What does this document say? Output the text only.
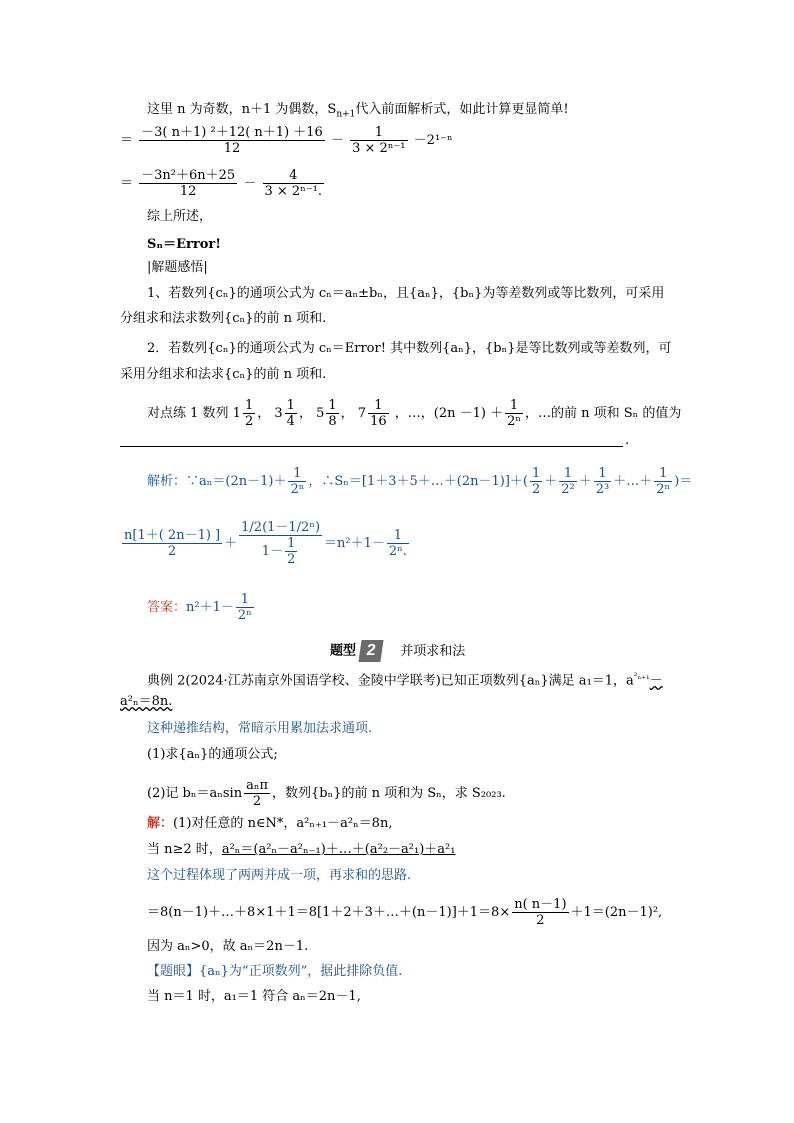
这里 n 为奇数，n＋1 为偶数，$S_{n+1}$代入前面解析式，如此计算更显简单!
＝ $\frac{\text{－3( n＋1) ²＋12( n＋1) ＋16}}{12} - \frac{1}{\text{3 × 2ⁿ⁻¹}} -2^{1-n}$
＝ $\frac{\text{－3n²＋6n＋25}}{12} - \frac{4}{\text{3 × 2ⁿ⁻¹.}}$
综上所述，
Sₙ＝Error!
|解题感悟|
1、若数列{cₙ}的通项公式为 cₙ＝aₙ±bₙ，且{aₙ}，{bₙ}为等差数列或等比数列，可采用
分组求和法求数列{cₙ}的前 n 项和.
2．若数列{cₙ}的通项公式为 cₙ＝Error! 其中数列{aₙ}，{bₙ}是等比数列或等差数列，可
采用分组求和法求{cₙ}的前 n 项和.
对点练 1 数列 $1 \frac{1}{2}$ ， $3 \frac{1}{4}$ ， $5 \frac{1}{8}$ ， $7 \frac{1}{16}$ ，…，$(2n -1) + \frac{1}{\text{2ⁿ}}$ ，…的前 n 项和 Sₙ 的值为
.
解析：∵aₙ＝(2n－1)＋ $\frac{1}{\text{2ⁿ}}$ ，∴Sₙ＝[1＋3＋5＋…＋(2n－1)]＋( $\frac{1}{2} + \frac{1}{\text{2²}} + \frac{1}{\text{2³}}$ ＋…＋ $\frac{1}{\text{2ⁿ}}$ )＝
$\frac{n[1+( 2n-1) ]}{2} + \frac{\text{1/2(1－1/2ⁿ)}}{1- \frac{1}{2}} =n^2+1- \frac{1}{\text{2ⁿ.}}$
答案：$n^2+1- \frac{1}{\text{2ⁿ}}$
题型 2 并项求和法
典例 2(2024·江苏南京外国语学校、金陵中学联考)已知正项数列{aₙ}满足 a₁＝1，$a^{^2_{n+1}}-$
a²ₙ＝8n.
这种递推结构，常暗示用累加法求通项.
(1)求{aₙ}的通项公式;
(2)记 $b_n=a_n\sin \frac{\text{aₙπ}}{2}$ ，数列{bₙ}的前 n 项和为 Sₙ，求 S₂₀₂₃.
解：(1)对任意的 n∈N*，a²ₙ₊₁－a²ₙ＝8n,
当 n≥2 时，a²ₙ＝(a²ₙ－a²ₙ₋₁)＋…＋(a²₂－a²₁)＋a²₁
这个过程体现了两两并成一项，再求和的思路.
＝8(n－1)＋…＋8×1＋1＝8[1＋2＋3＋…＋(n－1)]＋1＝8× $\frac{n( n-1)}{2} +1=(2n-1)^2$,
因为 aₙ>0，故 aₙ＝2n－1.
【题眼】{aₙ}为“正项数列”，据此排除负值.
当 n＝1 时，a₁＝1 符合 aₙ＝2n－1,
